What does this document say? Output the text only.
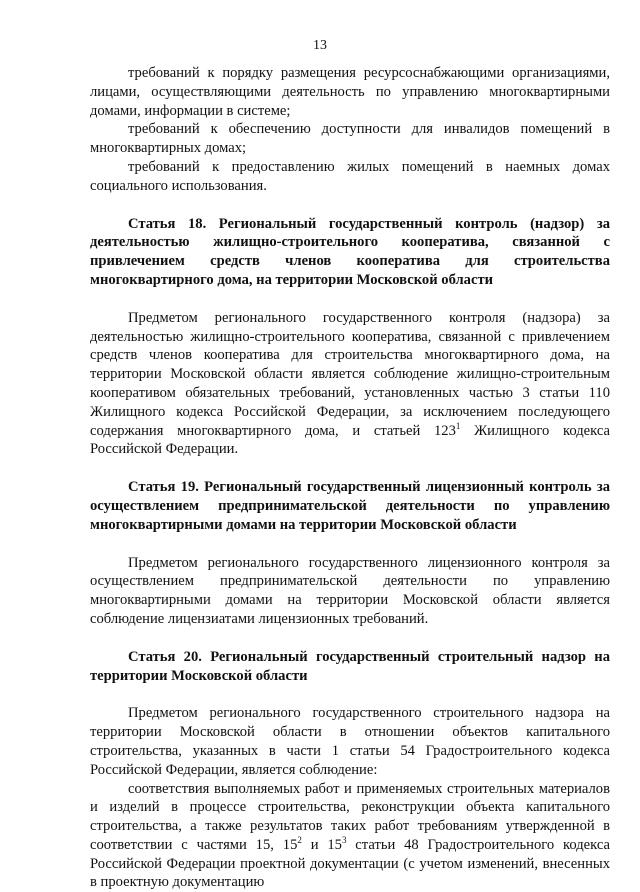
13

требований к порядку размещения ресурсоснабжающими организациями, лицами, осуществляющими деятельность по управлению многоквартирными домами, информации в системе;

требований к обеспечению доступности для инвалидов помещений в многоквартирных домах;

требований к предоставлению жилых помещений в наемных домах социального использования.

Статья 18. Региональный государственный контроль (надзор) за деятельностью жилищно-строительного кооператива, связанной с привлечением средств членов кооператива для строительства многоквартирного дома, на территории Московской области

Предметом регионального государственного контроля (надзора) за деятельностью жилищно-строительного кооператива, связанной с привлечением средств членов кооператива для строительства многоквартирного дома, на территории Московской области является соблюдение жилищно-строительным кооперативом обязательных требований, установленных частью 3 статьи 110 Жилищного кодекса Российской Федерации, за исключением последующего содержания многоквартирного дома, и статьей $123^1$ Жилищного кодекса Российской Федерации.

Статья 19. Региональный государственный лицензионный контроль за осуществлением предпринимательской деятельности по управлению многоквартирными домами на территории Московской области

Предметом регионального государственного лицензионного контроля за осуществлением предпринимательской деятельности по управлению многоквартирными домами на территории Московской области является соблюдение лицензиатами лицензионных требований.

Статья 20. Региональный государственный строительный надзор на территории Московской области

Предметом регионального государственного строительного надзора на территории Московской области в отношении объектов капитального строительства, указанных в части 1 статьи 54 Градостроительного кодекса Российской Федерации, является соблюдение:

соответствия выполняемых работ и применяемых строительных материалов и изделий в процессе строительства, реконструкции объекта капитального строительства, а также результатов таких работ требованиям утвержденной в соответствии с частями 15, $15^2$ и $15^3$ статьи 48 Градостроительного кодекса Российской Федерации проектной документации (с учетом изменений, внесенных в проектную документацию
